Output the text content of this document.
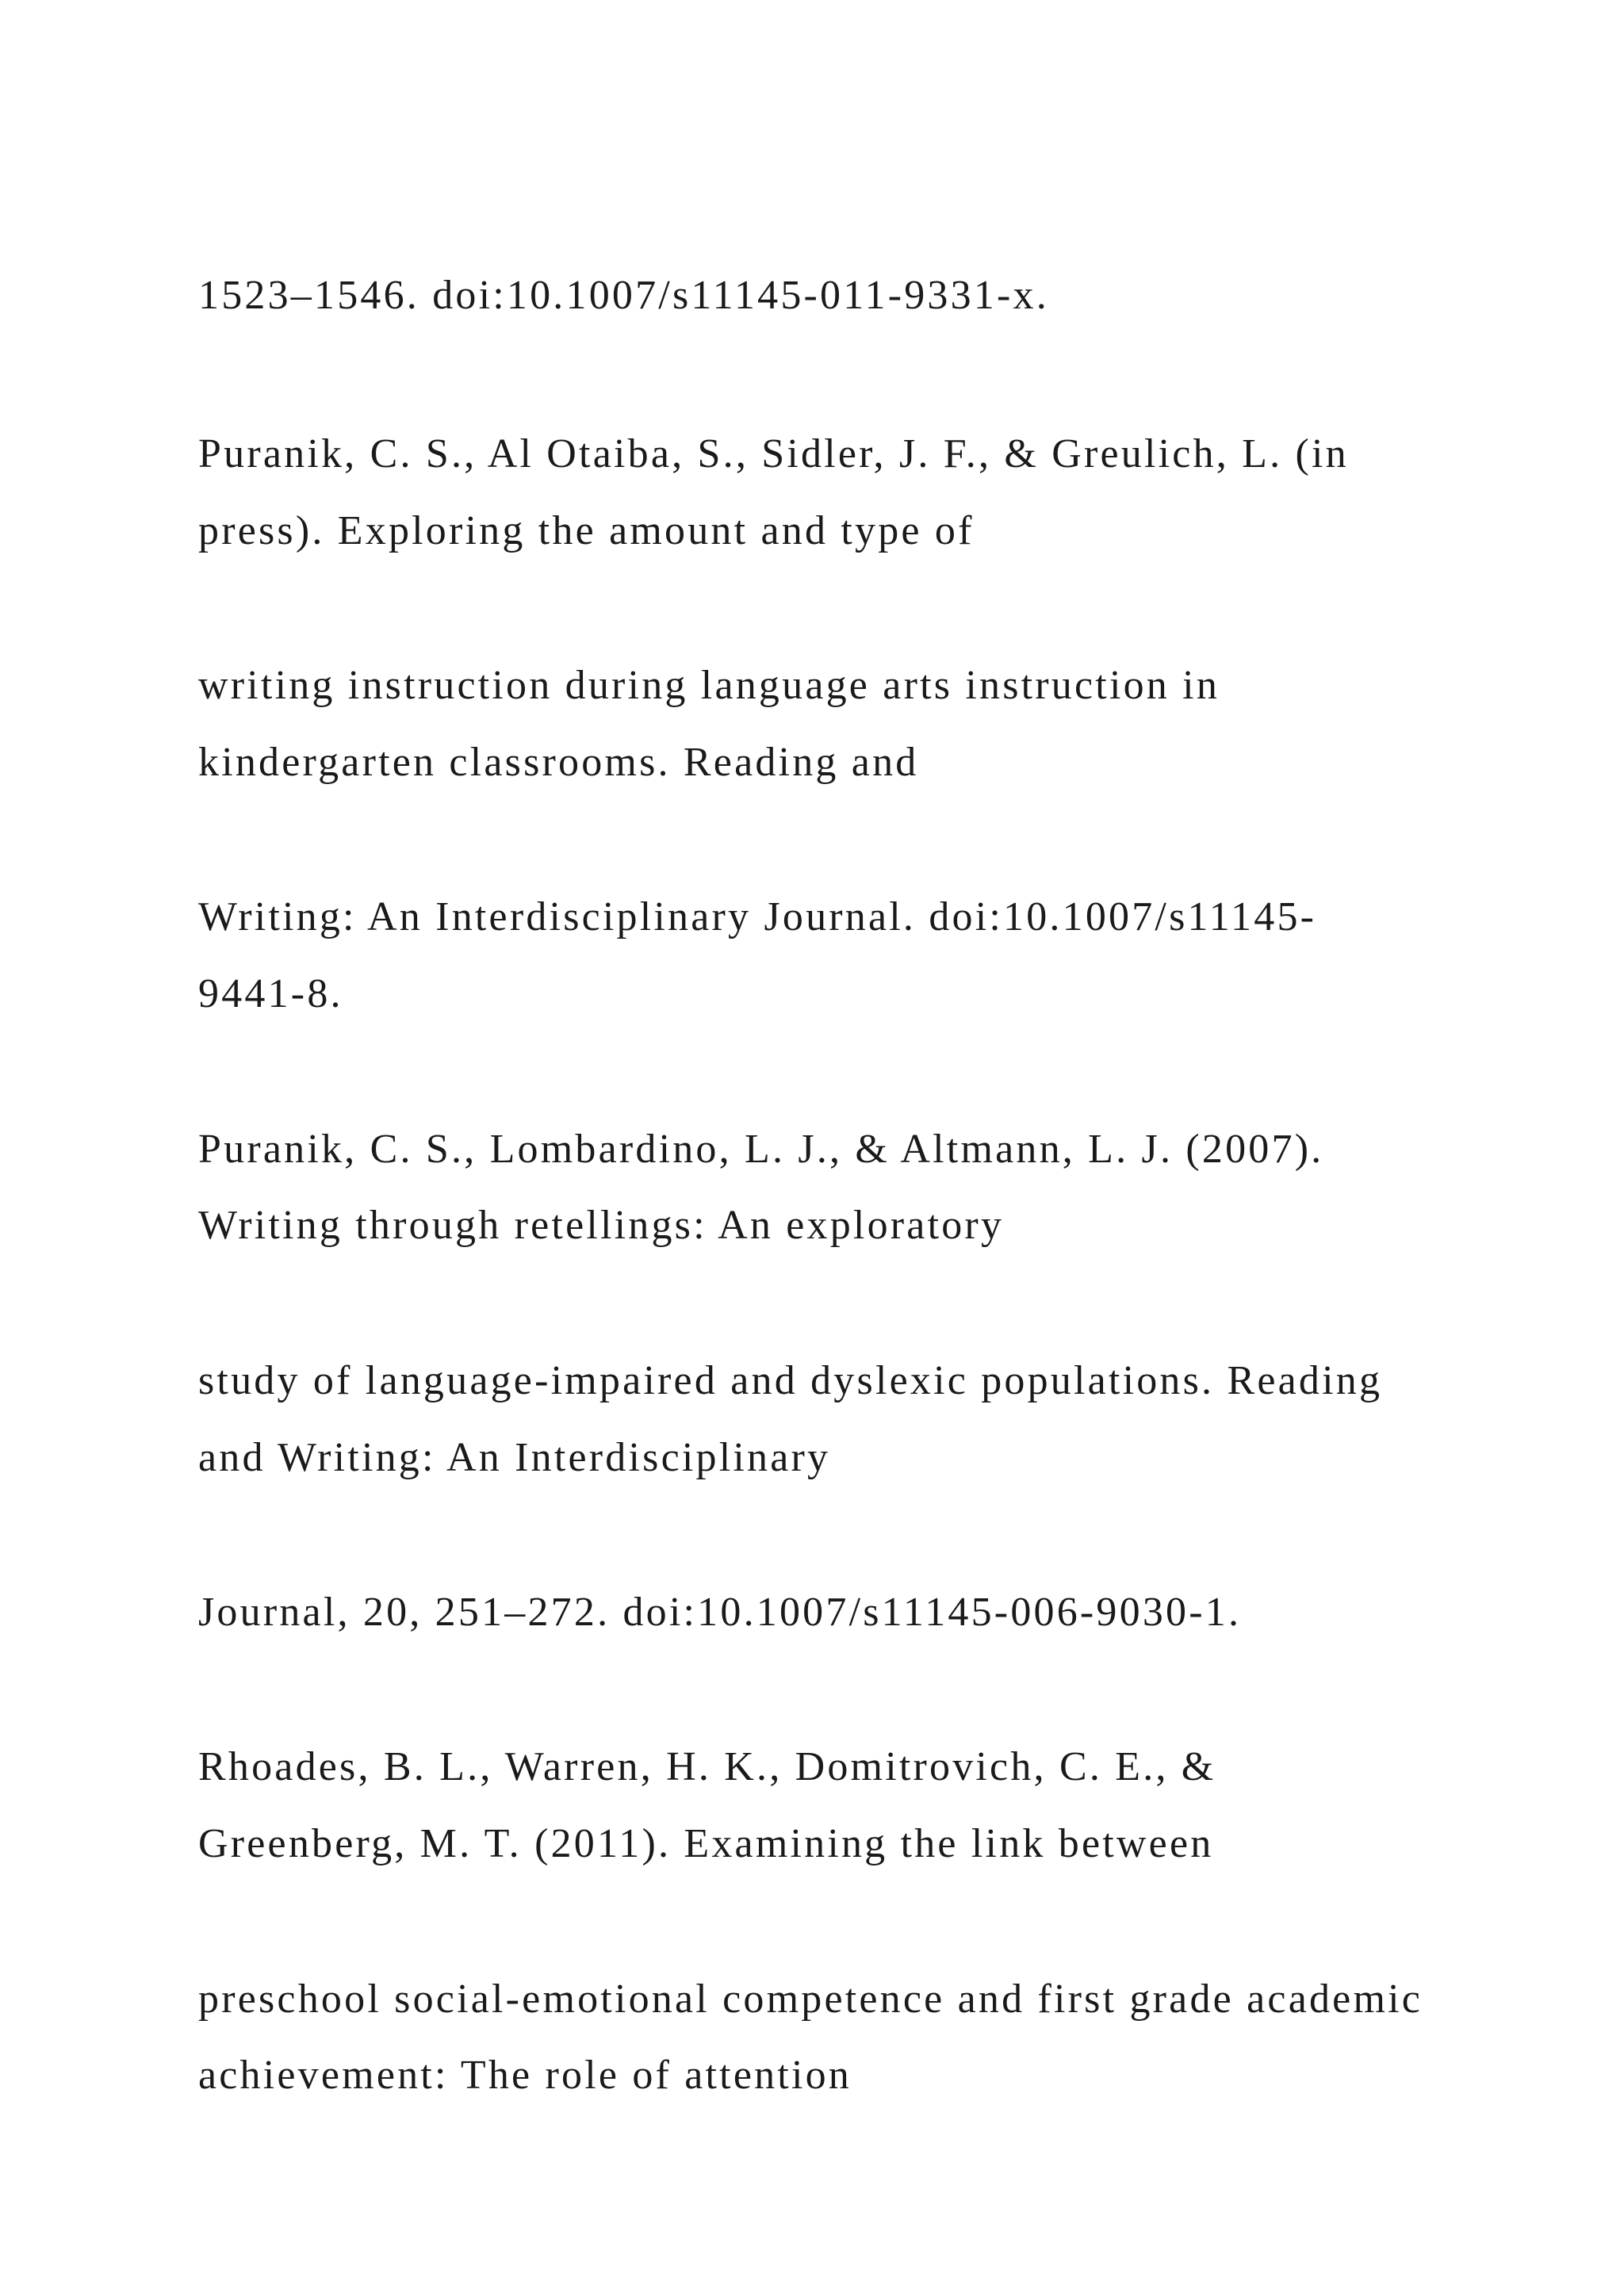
1523–1546. doi:10.1007/s11145-011-9331-x.

Puranik, C. S., Al Otaiba, S., Sidler, J. F., & Greulich, L. (in

press). Exploring the amount and type of

writing instruction during language arts instruction in

kindergarten classrooms. Reading and

Writing: An Interdisciplinary Journal. doi:10.1007/s11145-

9441-8.

Puranik, C. S., Lombardino, L. J., & Altmann, L. J. (2007).

Writing through retellings: An exploratory

study of language-impaired and dyslexic populations. Reading

and Writing: An Interdisciplinary

Journal, 20, 251–272. doi:10.1007/s11145-006-9030-1.

Rhoades, B. L., Warren, H. K., Domitrovich, C. E., &

Greenberg, M. T. (2011). Examining the link between

preschool social-emotional competence and first grade academic

achievement: The role of attention
